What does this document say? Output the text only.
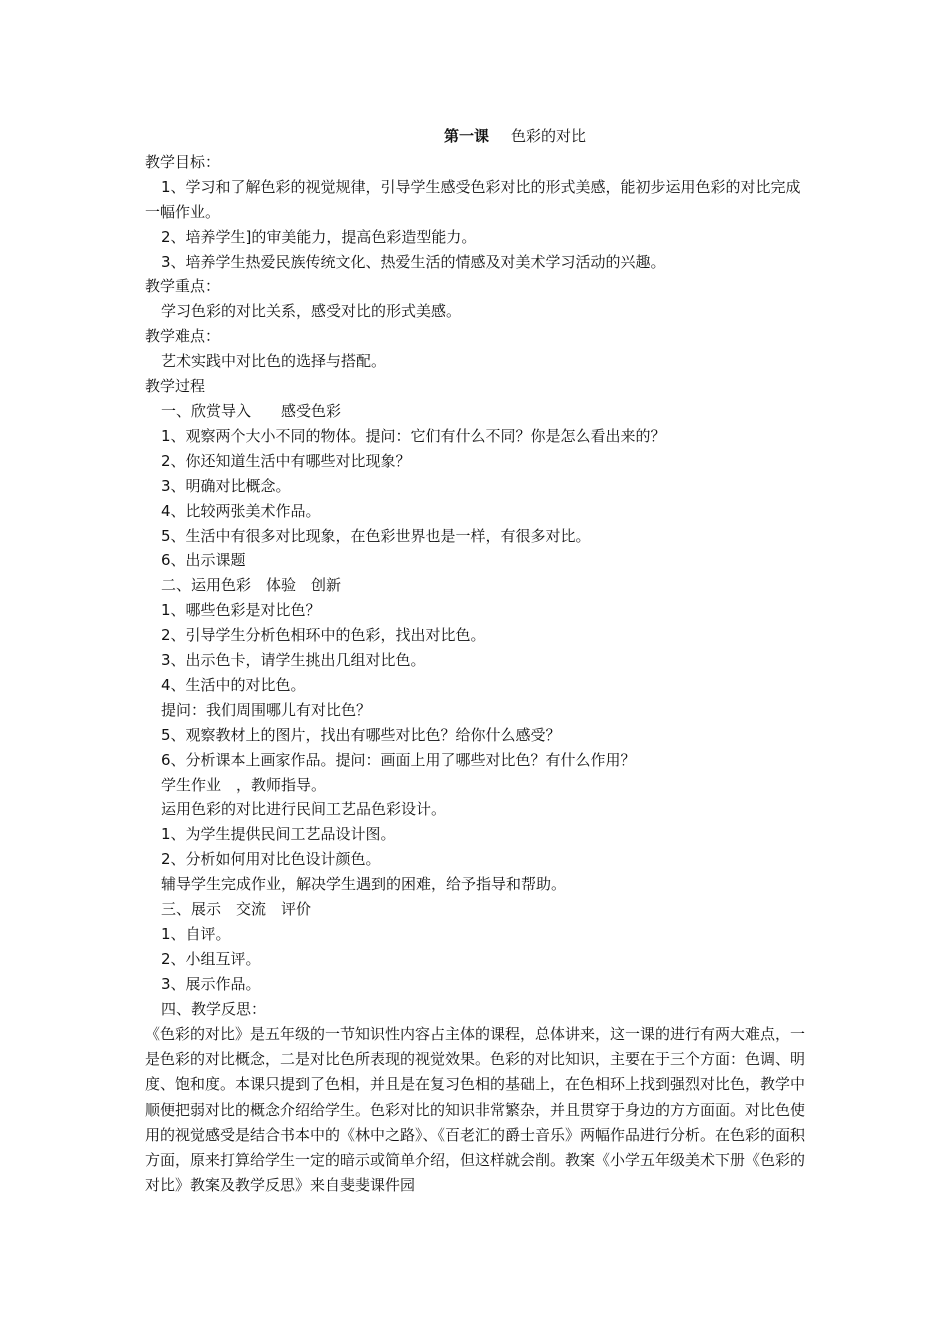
第一课 色彩的对比
教学目标：
1、学习和了解色彩的视觉规律，引导学生感受色彩对比的形式美感，能初步运用色彩的对比完成一幅作业。
2、培养学生]的审美能力，提高色彩造型能力。
3、培养学生热爱民族传统文化、热爱生活的情感及对美术学习活动的兴趣。
教学重点：
学习色彩的对比关系，感受对比的形式美感。
教学难点：
艺术实践中对比色的选择与搭配。
教学过程
一、欣赏导入　　感受色彩
1、观察两个大小不同的物体。提问：它们有什么不同？你是怎么看出来的？
2、你还知道生活中有哪些对比现象？
3、明确对比概念。
4、比较两张美术作品。
5、生活中有很多对比现象，在色彩世界也是一样，有很多对比。
6、出示课题
二、运用色彩　体验　创新
1、哪些色彩是对比色？
2、引导学生分析色相环中的色彩，找出对比色。
3、出示色卡，请学生挑出几组对比色。
4、生活中的对比色。
提问：我们周围哪儿有对比色？
5、观察教材上的图片，找出有哪些对比色？给你什么感受？
6、分析课本上画家作品。提问：画面上用了哪些对比色？有什么作用？
学生作业　，教师指导。
运用色彩的对比进行民间工艺品色彩设计。
1、为学生提供民间工艺品设计图。
2、分析如何用对比色设计颜色。
辅导学生完成作业，解决学生遇到的困难，给予指导和帮助。
三、展示　交流　评价
1、自评。
2、小组互评。
3、展示作品。
四、教学反思：
《色彩的对比》是五年级的一节知识性内容占主体的课程，总体讲来，这一课的进行有两大难点，一是色彩的对比概念，二是对比色所表现的视觉效果。色彩的对比知识，主要在于三个方面：色调、明度、饱和度。本课只提到了色相，并且是在复习色相的基础上，在色相环上找到强烈对比色，教学中顺便把弱对比的概念介绍给学生。色彩对比的知识非常繁杂，并且贯穿于身边的方方面面。对比色使用的视觉感受是结合书本中的《林中之路》、《百老汇的爵士音乐》两幅作品进行分析。在色彩的面积方面，原来打算给学生一定的暗示或简单介绍，但这样就会削。教案《小学五年级美术下册《色彩的对比》教案及教学反思》来自斐斐课件园
